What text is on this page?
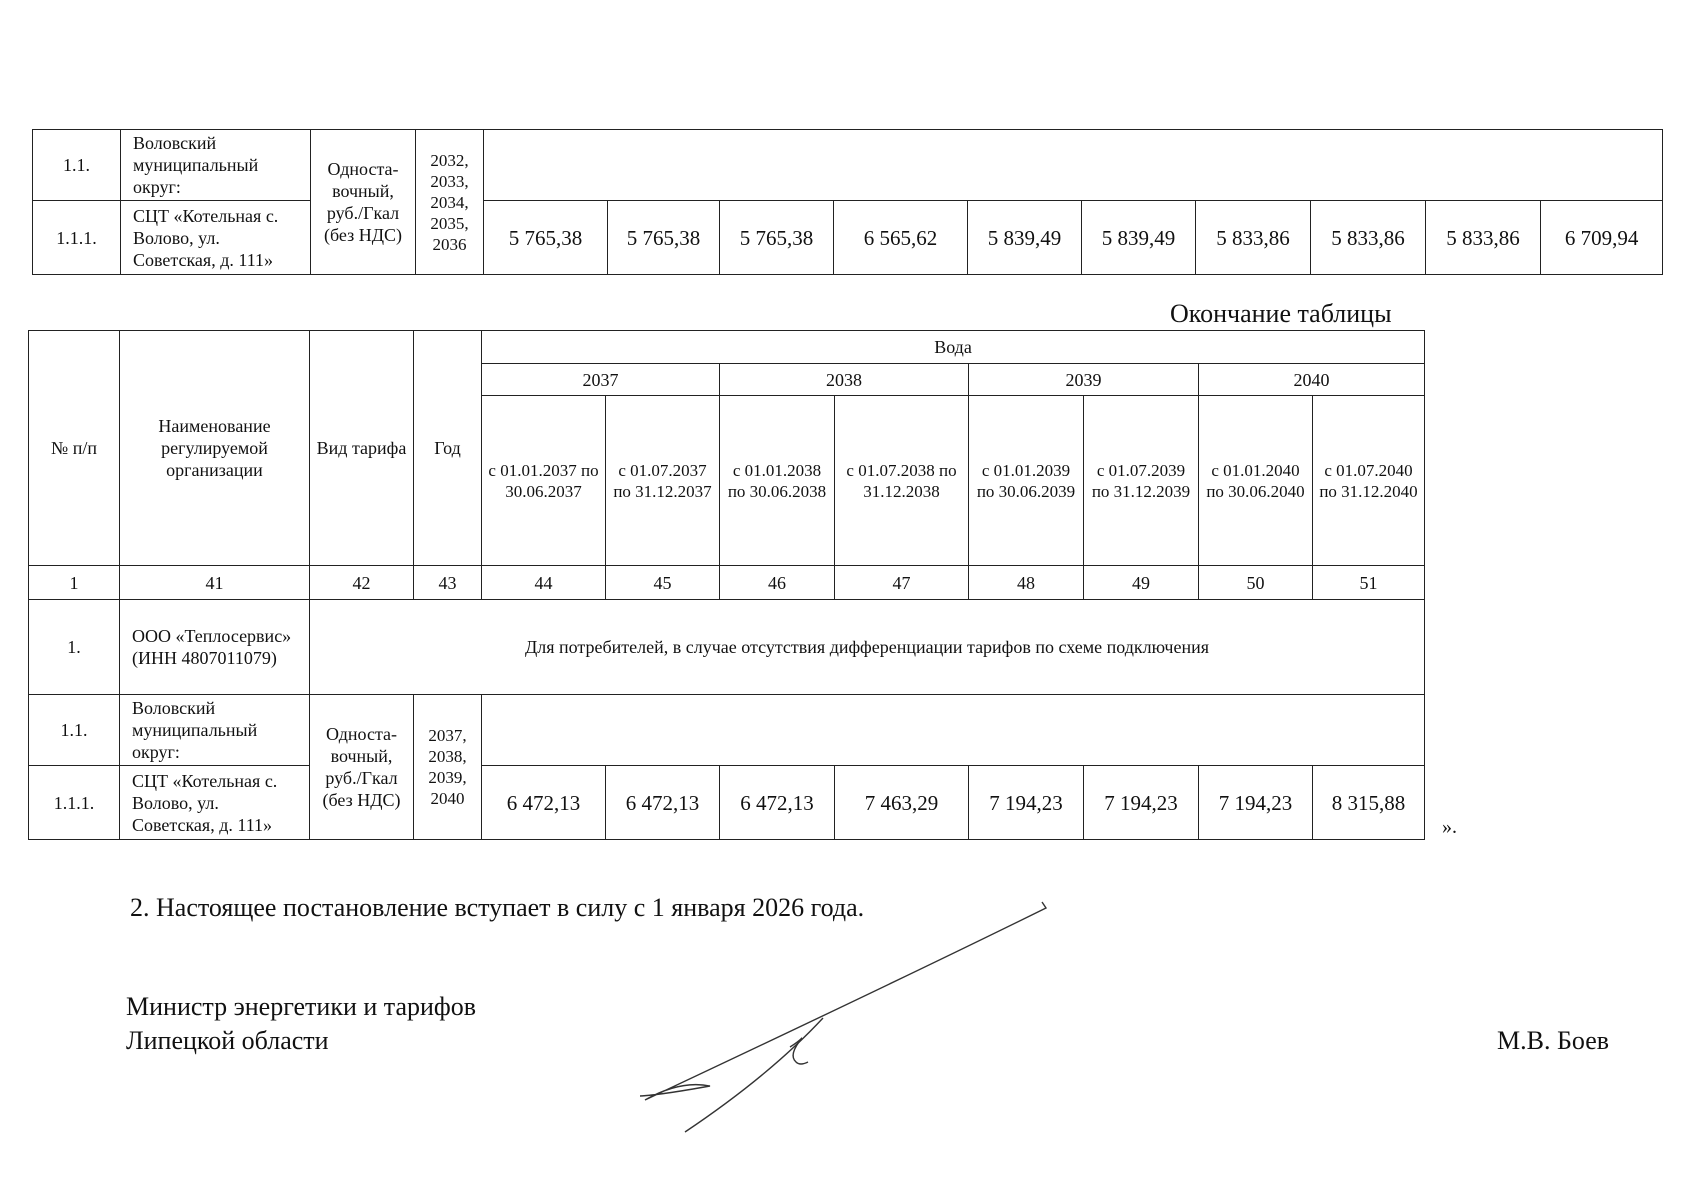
1.1.	Воловский муниципальный округ:	Односта-вочный, руб./Гкал (без НДС)	2032, 2033, 2034, 2035, 2036										
1.1.1.	СЦТ «Котельная с. Волово, ул. Советская, д. 111»			5 765,38	5 765,38	5 765,38	6 565,62	5 839,49	5 839,49	5 833,86	5 833,86	5 833,86	6 709,94
Окончание таблицы
№ п/п	Наименование регулируемой организации	Вид тарифа	Год	Вода							
				2037		2038		2039		2040	
				с 01.01.2037 по 30.06.2037	с 01.07.2037 по 31.12.2037	с 01.01.2038 по 30.06.2038	с 01.07.2038 по 31.12.2038	с 01.01.2039 по 30.06.2039	с 01.07.2039 по 31.12.2039	с 01.01.2040 по 30.06.2040	с 01.07.2040 по 31.12.2040
1	41	42	43	44	45	46	47	48	49	50	51
1.	ООО «Теплосервис» (ИНН 4807011079)	Для потребителей, в случае отсутствия дифференциации тарифов по схеме подключения									
1.1.	Воловский муниципальный округ:	Односта-вочный, руб./Гкал (без НДС)	2037, 2038, 2039, 2040								
1.1.1.	СЦТ «Котельная с. Волово, ул. Советская, д. 111»			6 472,13	6 472,13	6 472,13	7 463,29	7 194,23	7 194,23	7 194,23	8 315,88
».
2. Настоящее постановление вступает в силу с 1 января 2026 года.
Министр энергетики и тарифов
Липецкой области	М.В. Боев
